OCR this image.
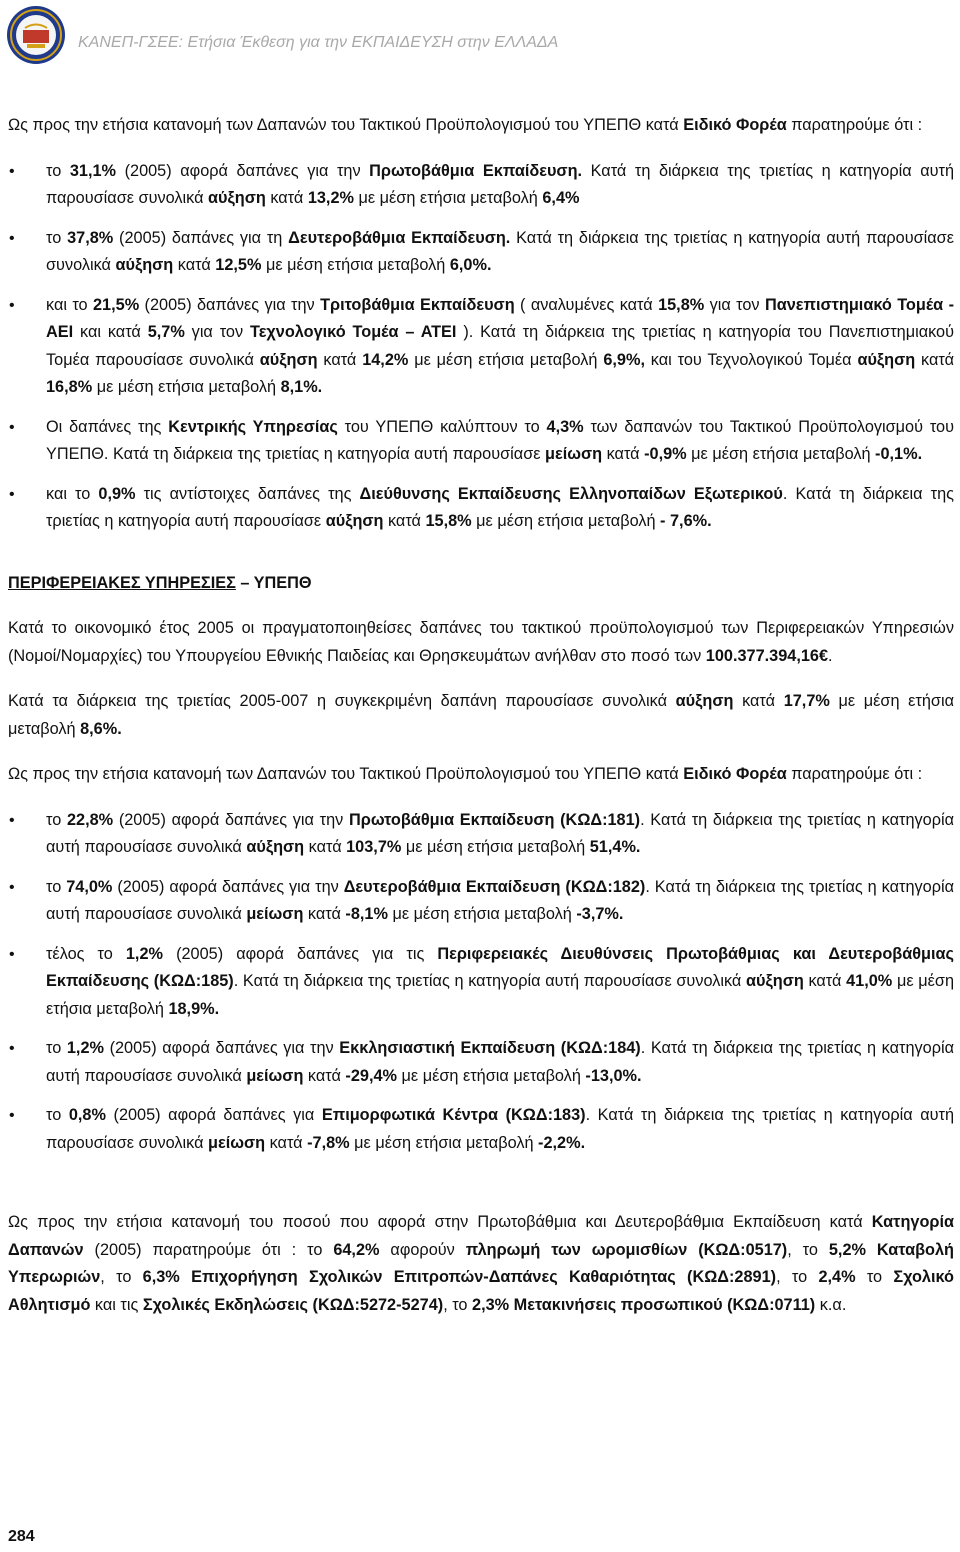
ΚΑΝΕΠ-ΓΣΕΕ: Ετήσια Έκθεση για την ΕΚΠΑΙΔΕΥΣΗ στην ΕΛΛΑΔΑ

Ως προς την ετήσια κατανομή των Δαπανών του Τακτικού Προϋπολογισμού του ΥΠΕΠΘ κατά Ειδικό Φορέα παρατηρούμε ότι :

• το 31,1% (2005) αφορά δαπάνες για την Πρωτοβάθμια Εκπαίδευση. Κατά τη διάρκεια της τριετίας η κατηγορία αυτή παρουσίασε συνολικά αύξηση κατά 13,2% με μέση ετήσια μεταβολή 6,4%
• το 37,8% (2005) δαπάνες για τη Δευτεροβάθμια Εκπαίδευση. Κατά τη διάρκεια της τριετίας η κατηγορία αυτή παρουσίασε συνολικά αύξηση κατά 12,5% με μέση ετήσια μεταβολή 6,0%.
• και το 21,5% (2005) δαπάνες για την Τριτοβάθμια Εκπαίδευση ( αναλυμένες κατά 15,8% για τον Πανεπιστημιακό Τομέα - ΑΕΙ και κατά 5,7% για τον Τεχνολογικό Τομέα – ΑΤΕΙ ). Κατά τη διάρκεια της τριετίας η κατηγορία του Πανεπιστημιακού Τομέα παρουσίασε συνολικά αύξηση κατά 14,2% με μέση ετήσια μεταβολή 6,9%, και του Τεχνολογικού Τομέα αύξηση κατά 16,8% με μέση ετήσια μεταβολή 8,1%.
• Οι δαπάνες της Κεντρικής Υπηρεσίας του ΥΠΕΠΘ καλύπτουν το 4,3% των δαπανών του Τακτικού Προϋπολογισμού του ΥΠΕΠΘ. Κατά τη διάρκεια της τριετίας η κατηγορία αυτή παρουσίασε μείωση κατά -0,9% με μέση ετήσια μεταβολή -0,1%.
• και το 0,9% τις αντίστοιχες δαπάνες της Διεύθυνσης Εκπαίδευσης Ελληνοπαίδων Εξωτερικού. Κατά τη διάρκεια της τριετίας η κατηγορία αυτή παρουσίασε αύξηση κατά 15,8% με μέση ετήσια μεταβολή - 7,6%.

ΠΕΡΙΦΕΡΕΙΑΚΕΣ ΥΠΗΡΕΣΙΕΣ – ΥΠΕΠΘ

Κατά το οικονομικό έτος 2005 οι πραγματοποιηθείσες δαπάνες του τακτικού προϋπολογισμού των Περιφερειακών Υπηρεσιών (Νομοί/Νομαρχίες) του Υπουργείου Εθνικής Παιδείας και Θρησκευμάτων ανήλθαν στο ποσό των 100.377.394,16€.

Κατά τα διάρκεια της τριετίας 2005-007 η συγκεκριμένη δαπάνη παρουσίασε συνολικά αύξηση κατά 17,7% με μέση ετήσια μεταβολή 8,6%.

Ως προς την ετήσια κατανομή των Δαπανών του Τακτικού Προϋπολογισμού του ΥΠΕΠΘ κατά Ειδικό Φορέα παρατηρούμε ότι :

• το 22,8% (2005) αφορά δαπάνες για την Πρωτοβάθμια Εκπαίδευση (ΚΩΔ:181). Κατά τη διάρκεια της τριετίας η κατηγορία αυτή παρουσίασε συνολικά αύξηση κατά 103,7% με μέση ετήσια μεταβολή 51,4%.
• το 74,0% (2005) αφορά δαπάνες για την Δευτεροβάθμια Εκπαίδευση (ΚΩΔ:182). Κατά τη διάρκεια της τριετίας η κατηγορία αυτή παρουσίασε συνολικά μείωση κατά -8,1% με μέση ετήσια μεταβολή -3,7%.
• τέλος το 1,2% (2005) αφορά δαπάνες για τις Περιφερειακές Διευθύνσεις Πρωτοβάθμιας και Δευτεροβάθμιας Εκπαίδευσης (ΚΩΔ:185). Κατά τη διάρκεια της τριετίας η κατηγορία αυτή παρουσίασε συνολικά αύξηση κατά 41,0% με μέση ετήσια μεταβολή 18,9%.
• το 1,2% (2005) αφορά δαπάνες για την Εκκλησιαστική Εκπαίδευση (ΚΩΔ:184). Κατά τη διάρκεια της τριετίας η κατηγορία αυτή παρουσίασε συνολικά μείωση κατά -29,4% με μέση ετήσια μεταβολή -13,0%.
• το 0,8% (2005) αφορά δαπάνες για Επιμορφωτικά Κέντρα (ΚΩΔ:183). Κατά τη διάρκεια της τριετίας η κατηγορία αυτή παρουσίασε συνολικά μείωση κατά -7,8% με μέση ετήσια μεταβολή -2,2%.

Ως προς την ετήσια κατανομή του ποσού που αφορά στην Πρωτοβάθμια και Δευτεροβάθμια Εκπαίδευση κατά Κατηγορία Δαπανών (2005) παρατηρούμε ότι : το 64,2% αφορούν πληρωμή των ωρομισθίων (ΚΩΔ:0517), το 5,2% Καταβολή Υπερωριών, το 6,3% Επιχορήγηση Σχολικών Επιτροπών-Δαπάνες Καθαριότητας (ΚΩΔ:2891), το 2,4% το Σχολικό Αθλητισμό και τις Σχολικές Εκδηλώσεις (ΚΩΔ:5272-5274), το 2,3% Μετακινήσεις προσωπικού (ΚΩΔ:0711) κ.α.

284
